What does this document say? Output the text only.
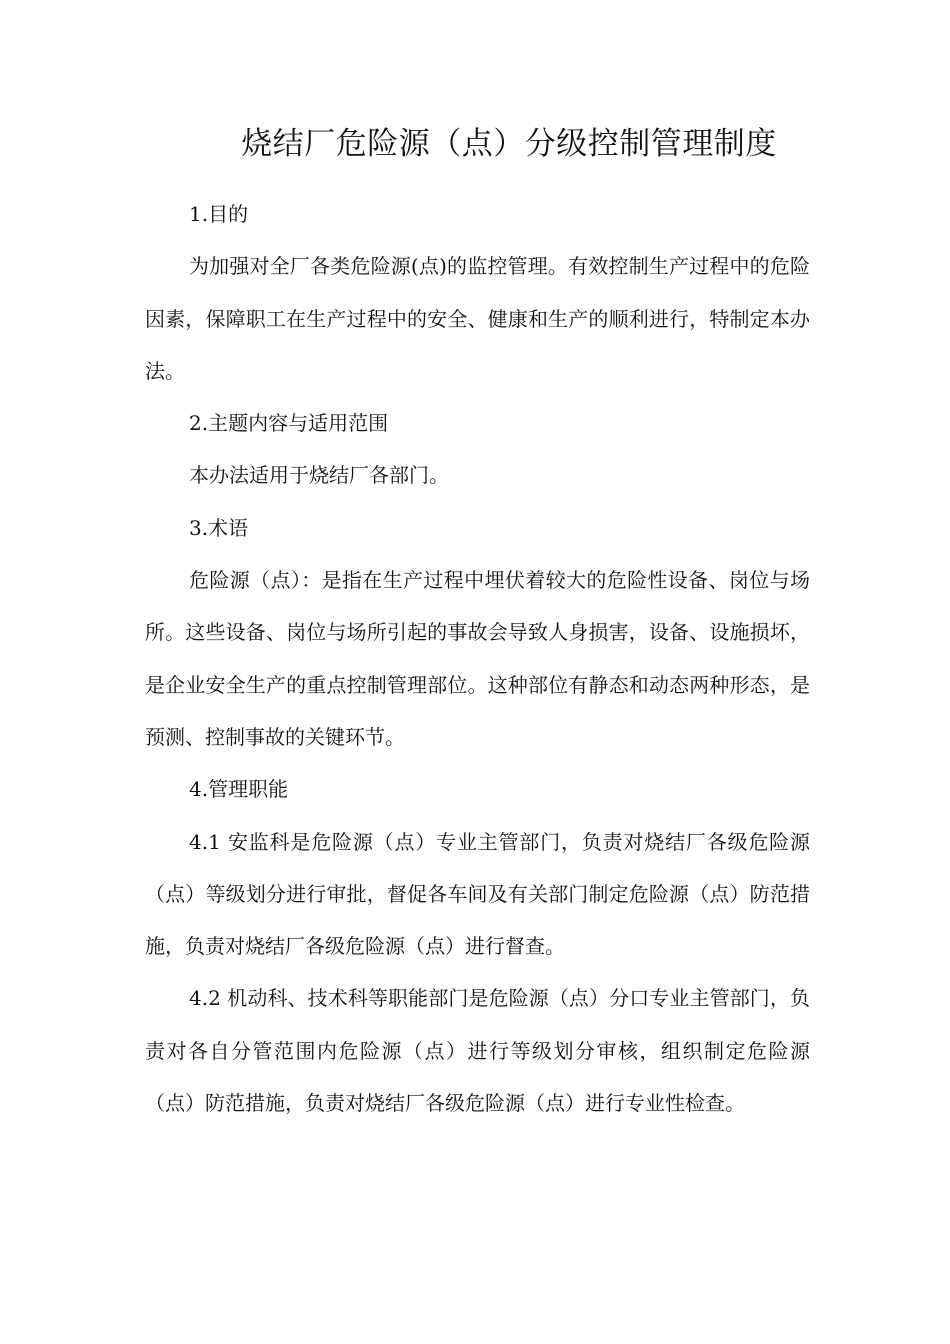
烧结厂危险源（点）分级控制管理制度

1.目的

为加强对全厂各类危险源(点)的监控管理。有效控制生产过程中的危险因素，保障职工在生产过程中的安全、健康和生产的顺利进行，特制定本办法。

2.主题内容与适用范围

本办法适用于烧结厂各部门。

3.术语

危险源（点）：是指在生产过程中埋伏着较大的危险性设备、岗位与场所。这些设备、岗位与场所引起的事故会导致人身损害，设备、设施损坏，是企业安全生产的重点控制管理部位。这种部位有静态和动态两种形态，是预测、控制事故的关键环节。

4.管理职能

4.1 安监科是危险源（点）专业主管部门，负责对烧结厂各级危险源（点）等级划分进行审批，督促各车间及有关部门制定危险源（点）防范措施，负责对烧结厂各级危险源（点）进行督查。

4.2 机动科、技术科等职能部门是危险源（点）分口专业主管部门，负责对各自分管范围内危险源（点）进行等级划分审核，组织制定危险源（点）防范措施，负责对烧结厂各级危险源（点）进行专业性检查。
